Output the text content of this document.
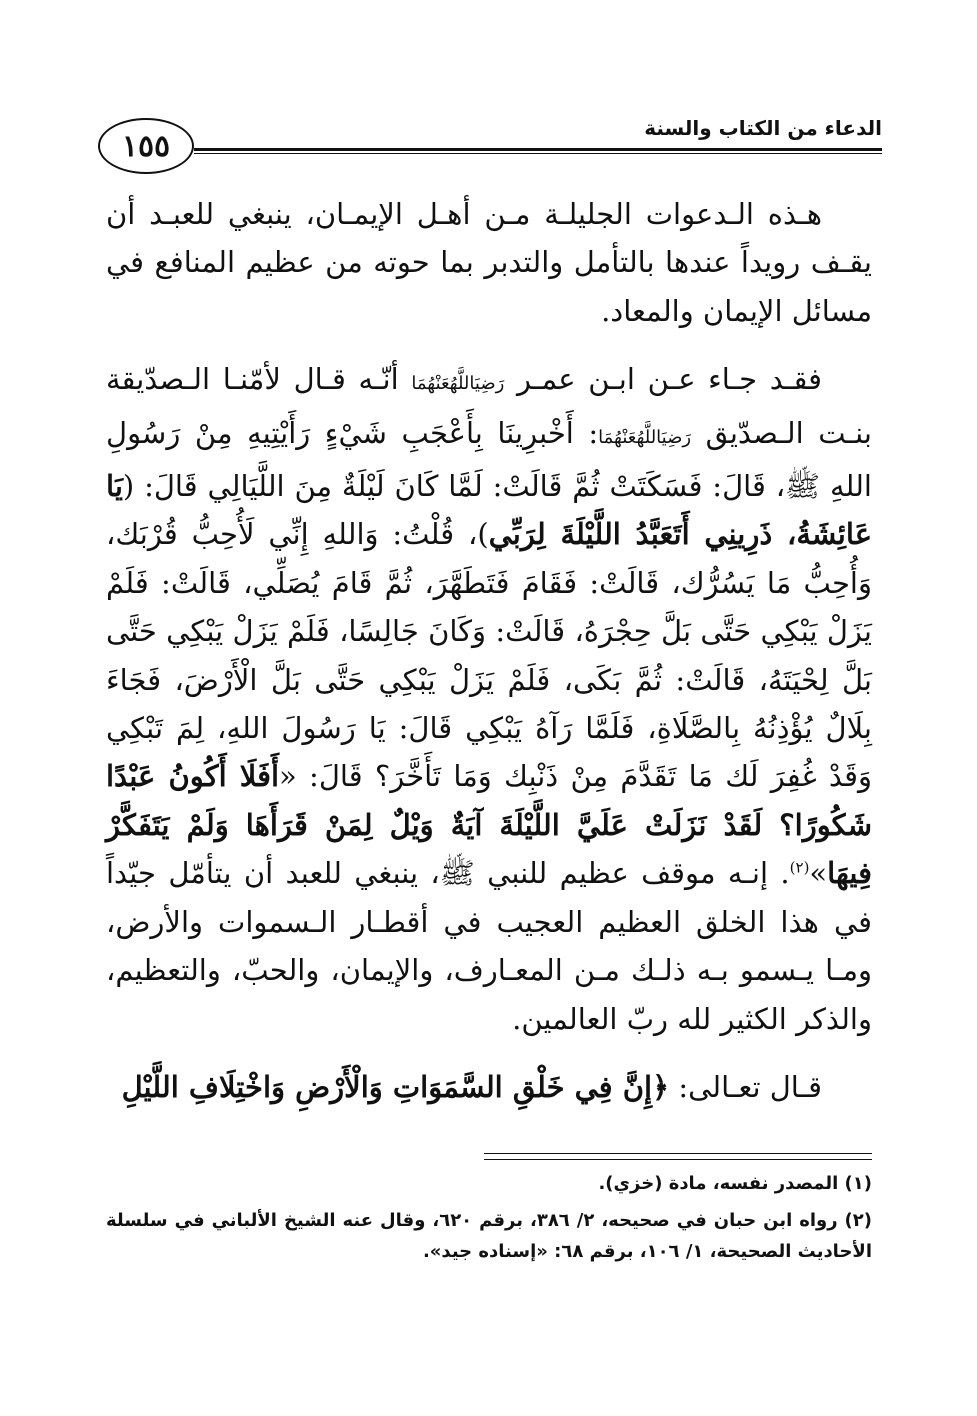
١٥٥
الدعاء من الكتاب والسنة

هـذه الـدعوات الجليلـة مـن أهـل الإيمـان، ينبغي للعبـد أن يقـف رويداً عندها بالتأمل والتدبر بما حوته من عظيم المنافع في مسائل الإيمان والمعاد.

فقـد جـاء عـن ابـن عمـر رَضِيَاللَّهُعَنْهُمَا أنّـه قـال لأمّنـا الـصدّيقة بنـت الـصدّيق رَضِيَاللَّهُعَنْهُمَا: أَخْبرِينَا بِأَعْجَبِ شَيْءٍ رَأَيْتِيهِ مِنْ رَسُولِ اللهِ ﷺ، قَالَ: فَسَكَتَتْ ثُمَّ قَالَتْ: لَمَّا كَانَ لَيْلَةٌ مِنَ اللَّيَالِي قَالَ: (يَا عَائِشَةُ، ذَرِينِي أَتَعَبَّدُ اللَّيْلَةَ لِرَبِّي)، قُلْتُ: وَاللهِ إِنِّي لَأُحِبُّ قُرْبَك، وَأُحِبُّ مَا يَسُرُّك، قَالَتْ: فَقَامَ فَتَطَهَّرَ، ثُمَّ قَامَ يُصَلِّي، قَالَتْ: فَلَمْ يَزَلْ يَبْكِي حَتَّى بَلَّ حِجْرَهُ، قَالَتْ: وَكَانَ جَالِسًا، فَلَمْ يَزَلْ يَبْكِي حَتَّى بَلَّ لِحْيَتَهُ، قَالَتْ: ثُمَّ بَكَى، فَلَمْ يَزَلْ يَبْكِي حَتَّى بَلَّ الْأَرْضَ، فَجَاءَ بِلَالٌ يُؤْذِنُهُ بِالصَّلَاةِ، فَلَمَّا رَآهُ يَبْكِي قَالَ: يَا رَسُولَ اللهِ، لِمَ تَبْكِي وَقَدْ غُفِرَ لَك مَا تَقَدَّمَ مِنْ ذَنْبِك وَمَا تَأَخَّرَ؟ قَالَ: «أَفَلَا أَكُونُ عَبْدًا شَكُورًا؟ لَقَدْ نَزَلَتْ عَلَيَّ اللَّيْلَةَ آيَةٌ وَيْلٌ لِمَنْ قَرَأَهَا وَلَمْ يَتَفَكَّرْ فِيهَا»$^{(٢)}$. إنـه موقف عظيم للنبي ﷺ، ينبغي للعبد أن يتأمّل جيّداً في هذا الخلق العظيم العجيب في أقطـار الـسموات والأرض، ومـا يـسمو بـه ذلـك مـن المعـارف، والإيمان، والحبّ، والتعظيم، والذكر الكثير لله ربّ العالمين.

قـال تعـالى: ﴿إِنَّ فِي خَلْقِ السَّمَوَاتِ وَالْأَرْضِ وَاخْتِلَافِ اللَّيْلِ

(١) المصدر نفسه، مادة (خزي).

(٢) رواه ابن حبان في صحيحه، ٢/ ٣٨٦، برقم ٦٢٠، وقال عنه الشيخ الألباني في سلسلة الأحاديث الصحيحة، ١/ ١٠٦، برقم ٦٨: «إسناده جيد».
